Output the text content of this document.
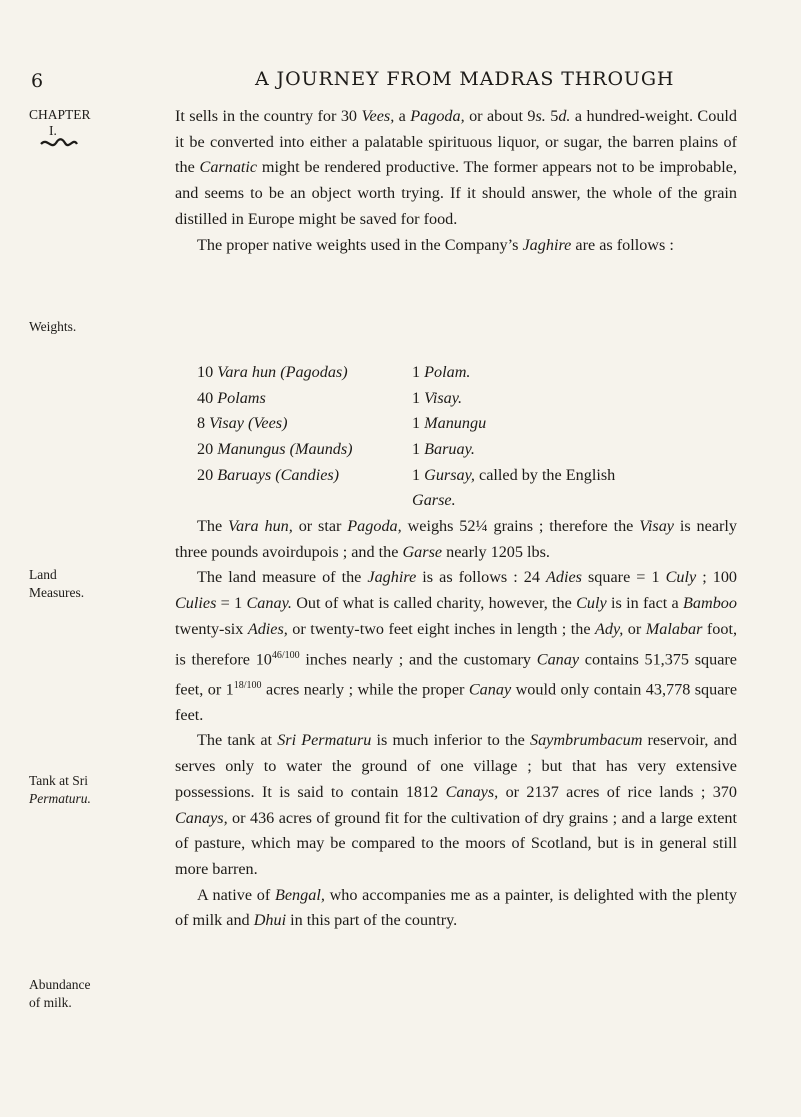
6	A JOURNEY FROM MADRAS THROUGH
CHAPTER
I.
Weights.
Land
Measures.
Tank at Sri
Permaturu.
Abundance
of milk.

It sells in the country for 30 Vees, a Pagoda, or about 9s. 5d. a hundred-weight. Could it be converted into either a palatable spirituous liquor, or sugar, the barren plains of the Carnatic might be rendered productive. The former appears not to be improbable, and seems to be an object worth trying. If it should answer, the whole of the grain distilled in Europe might be saved for food.

The proper native weights used in the Company’s Jaghire are as follows :

10 Vara hun (Pagodas)	1 Polam.
40 Polams	1 Visay.
8 Visay (Vees)	1 Manungu
20 Manungus (Maunds)	1 Baruay.
20 Baruays (Candies)	1 Gursay, called by the English
Garse.

The Vara hun, or star Pagoda, weighs 52¼ grains ; therefore the Visay is nearly three pounds avoirdupois ; and the Garse nearly 1205 lbs.

The land measure of the Jaghire is as follows : 24 Adies square = 1 Culy ; 100 Culies = 1 Canay. Out of what is called charity, however, the Culy is in fact a Bamboo twenty-six Adies, or twenty-two feet eight inches in length ; the Ady, or Malabar foot, is therefore $10^{46/100}$ inches nearly ; and the customary Canay contains 51,375 square feet, or $1^{18/100}$ acres nearly ; while the proper Canay would only contain 43,778 square feet.

The tank at Sri Permaturu is much inferior to the Saymbrumbacum reservoir, and serves only to water the ground of one village ; but that has very extensive possessions. It is said to contain 1812 Canays, or 2137 acres of rice lands ; 370 Canays, or 436 acres of ground fit for the cultivation of dry grains ; and a large extent of pasture, which may be compared to the moors of Scotland, but is in general still more barren.

A native of Bengal, who accompanies me as a painter, is delighted with the plenty of milk and Dhui in this part of the country.
